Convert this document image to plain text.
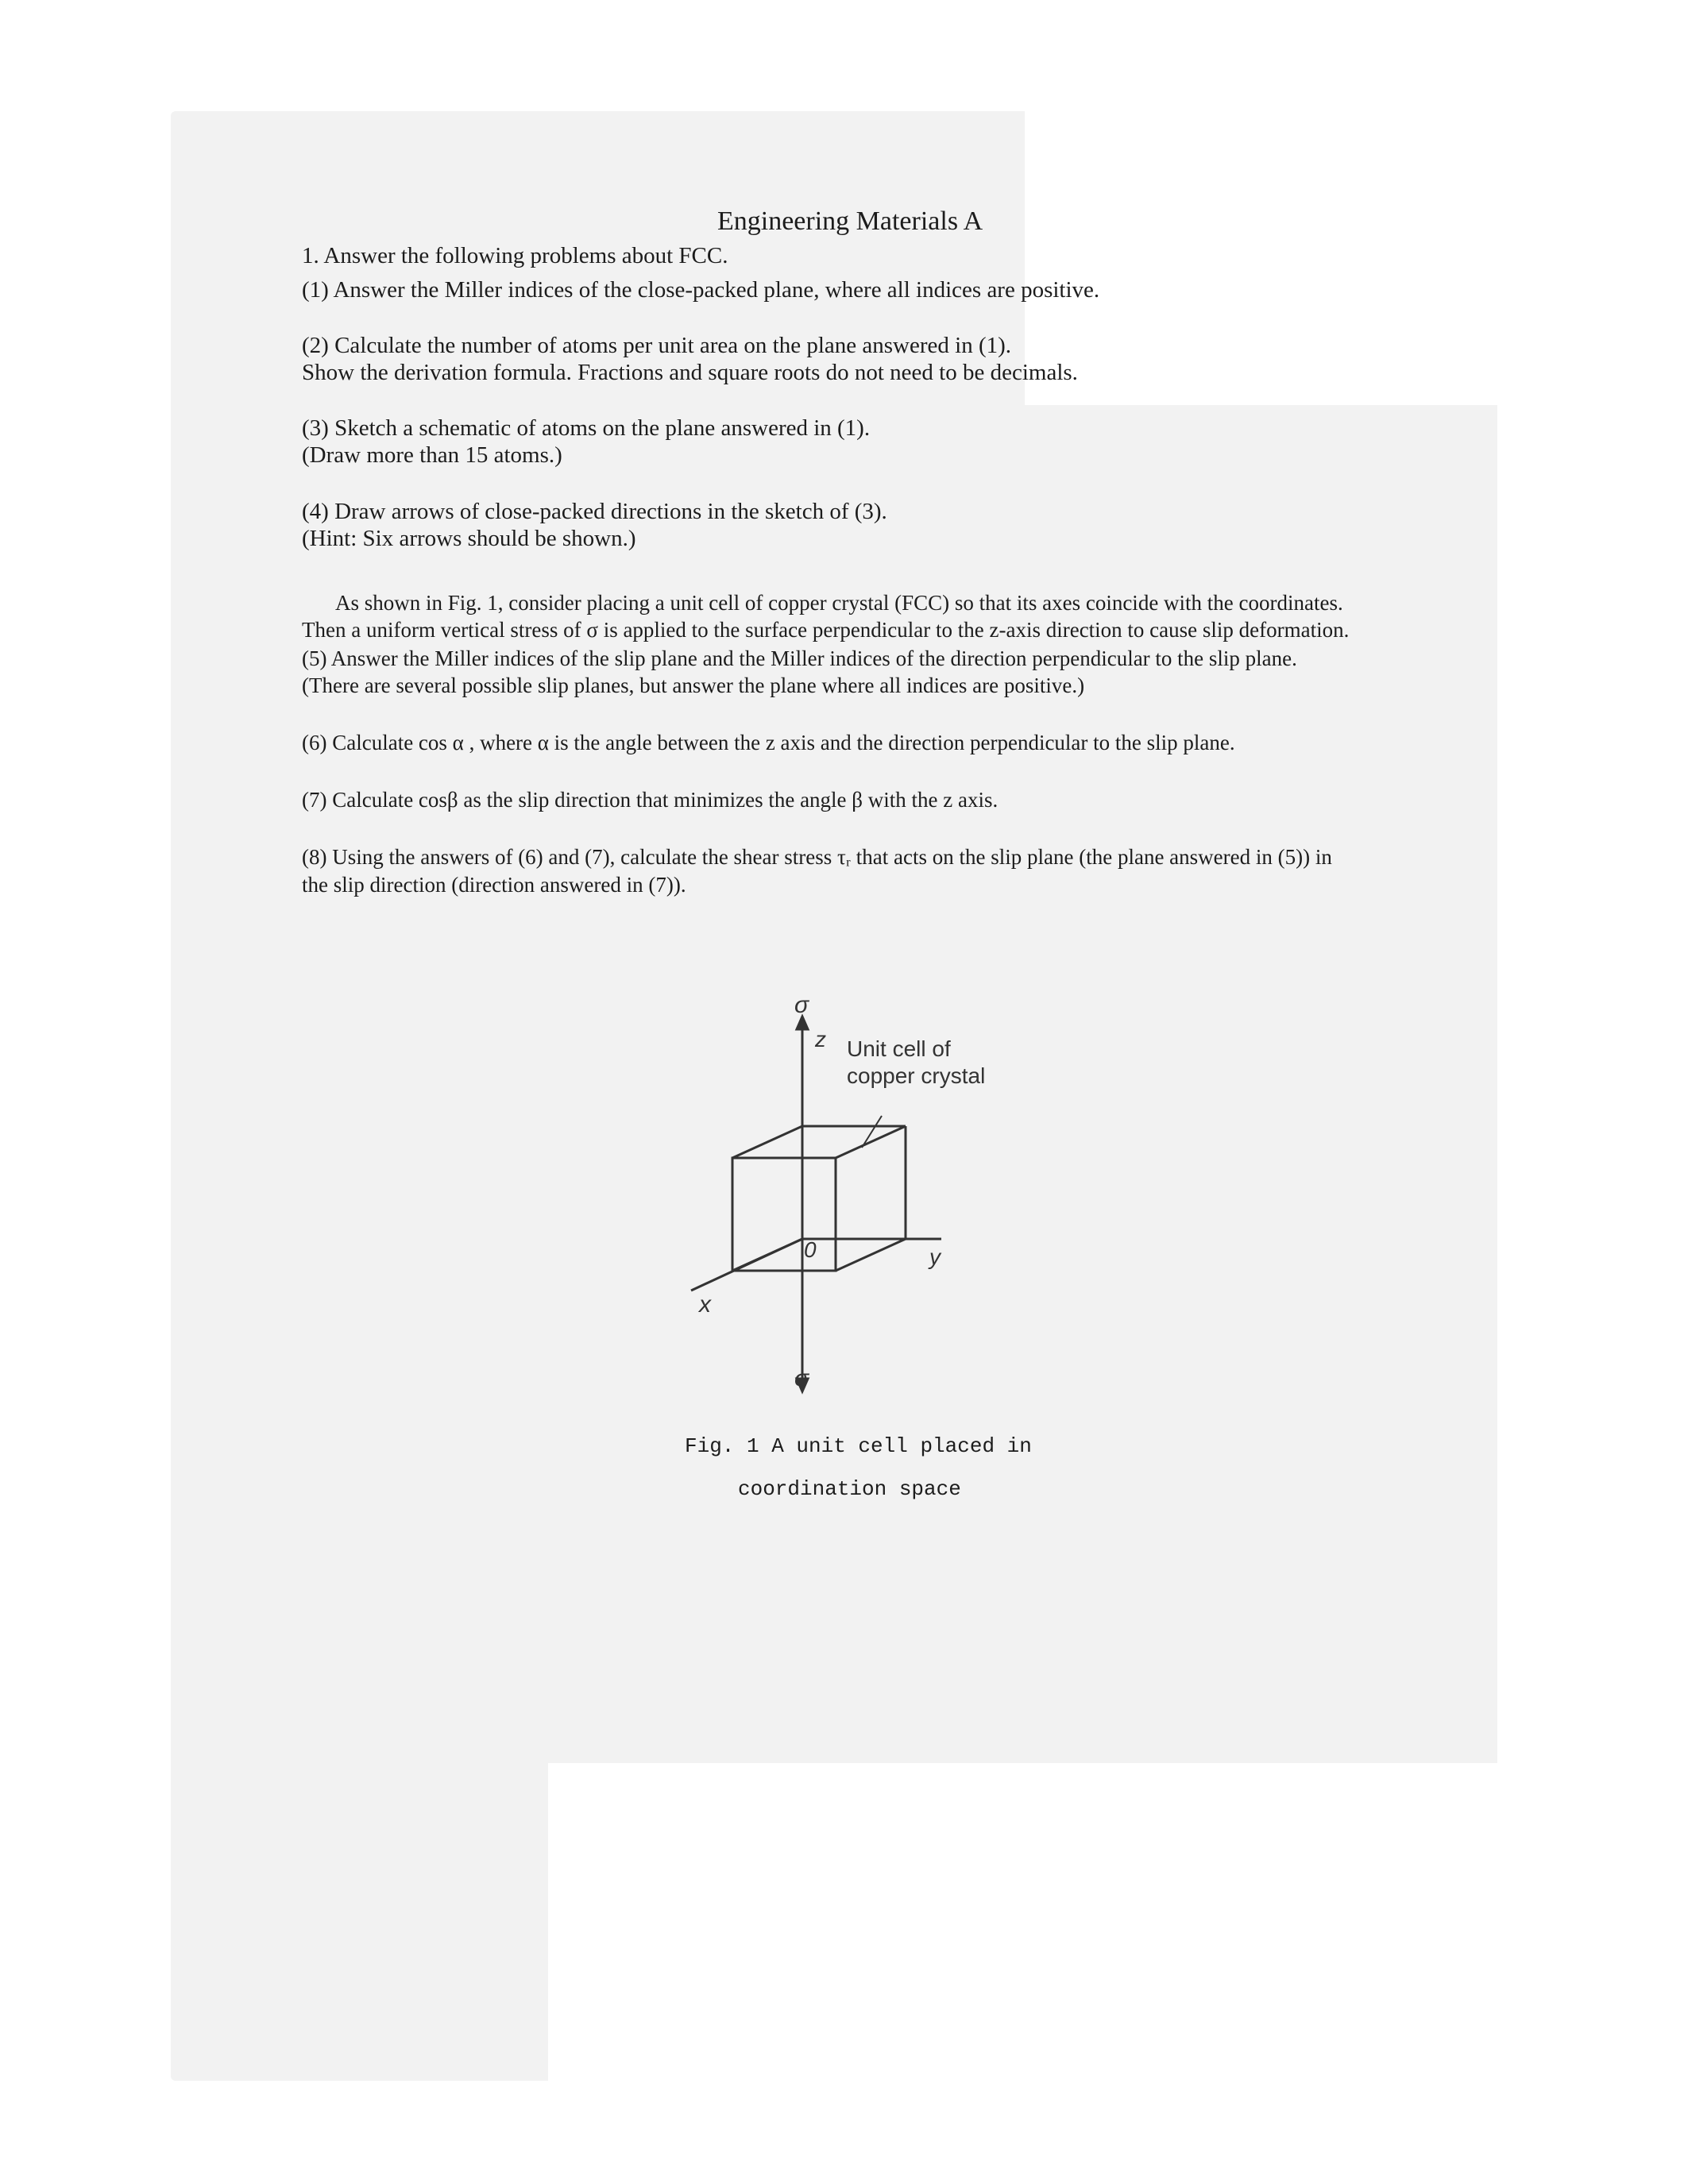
Engineering Materials A
1. Answer the following problems about FCC.
(1) Answer the Miller indices of the close-packed plane, where all indices are positive.
(2) Calculate the number of atoms per unit area on the plane answered in (1).
Show the derivation formula. Fractions and square roots do not need to be decimals.
(3) Sketch a schematic of atoms on the plane answered in (1).
(Draw more than 15 atoms.)
(4) Draw arrows of close-packed directions in the sketch of (3).
(Hint: Six arrows should be shown.)
As shown in Fig. 1, consider placing a unit cell of copper crystal (FCC) so that its axes coincide with the coordinates.
Then a uniform vertical stress of σ is applied to the surface perpendicular to the z-axis direction to cause slip deformation.
(5) Answer the Miller indices of the slip plane and the Miller indices of the direction perpendicular to the slip plane.
(There are several possible slip planes, but answer the plane where all indices are positive.)
(6) Calculate cos α , where α is the angle between the z axis and the direction perpendicular to the slip plane.
(7) Calculate cosβ as the slip direction that minimizes the angle β with the z axis.
(8) Using the answers of (6) and (7), calculate the shear stress τᵣ that acts on the slip plane (the plane answered in (5)) in
the slip direction (direction answered in (7)).
σ
z Unit cell of
copper crystal
0	y
x
σ
Fig. 1 A unit cell placed in
coordination space
